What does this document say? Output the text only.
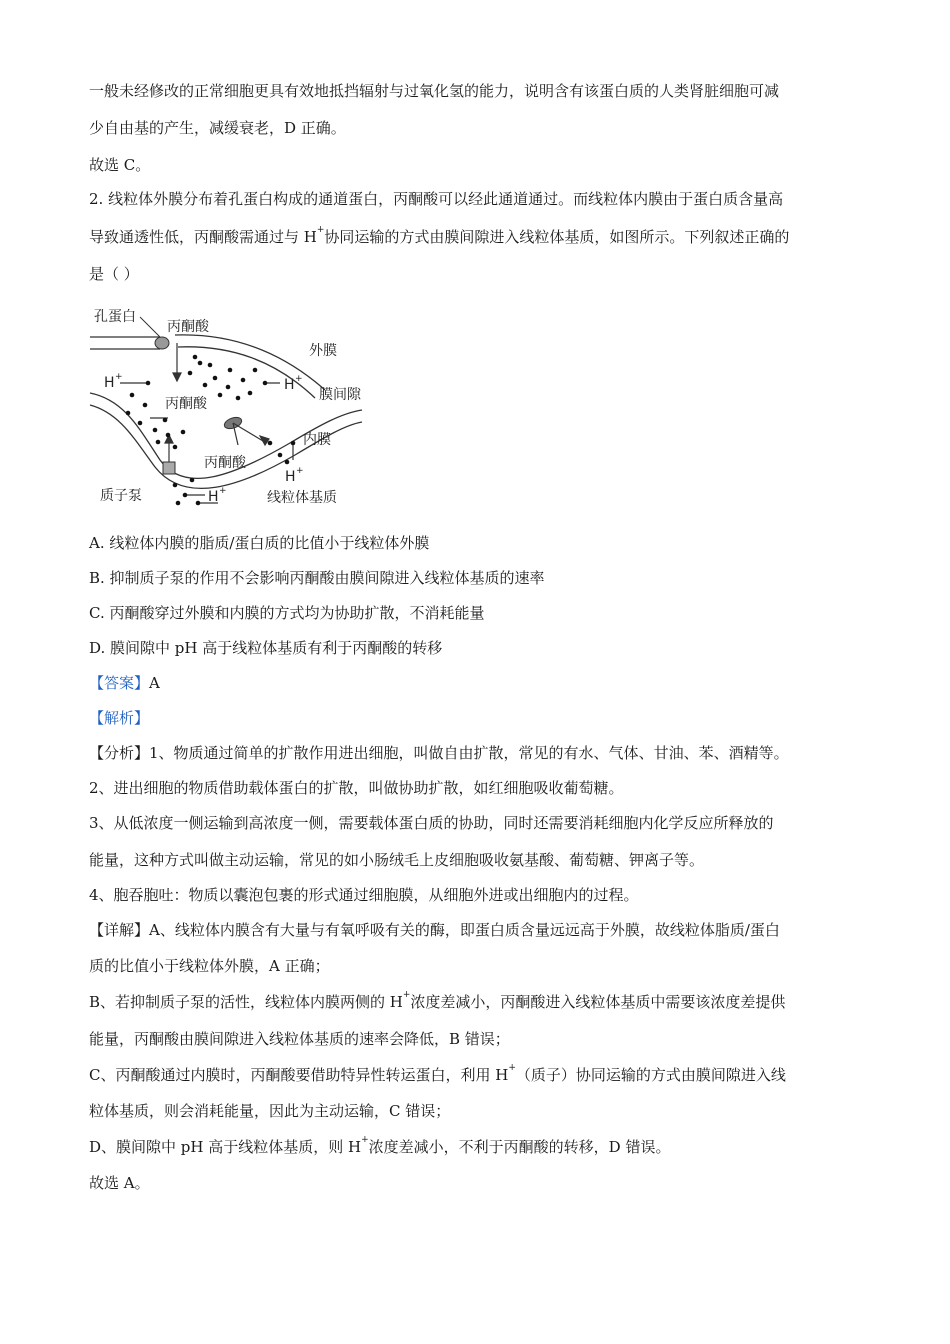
一般未经修改的正常细胞更具有效地抵挡辐射与过氧化氢的能力，说明含有该蛋白质的人类肾脏细胞可减
少自由基的产生，减缓衰老，D 正确。
故选 C。
2. 线粒体外膜分布着孔蛋白构成的通道蛋白，丙酮酸可以经此通道通过。而线粒体内膜由于蛋白质含量高
导致通透性低，丙酮酸需通过与 H+协同运输的方式由膜间隙进入线粒体基质，如图所示。下列叙述正确的
是（ ）
孔蛋白
丙酮酸
外膜
膜间隙
丙酮酸
内膜
丙酮酸
质子泵	线粒体基质
H +	H +
H +
H +
A. 线粒体内膜的脂质/蛋白质的比值小于线粒体外膜
B. 抑制质子泵的作用不会影响丙酮酸由膜间隙进入线粒体基质的速率
C. 丙酮酸穿过外膜和内膜的方式均为协助扩散，不消耗能量
D. 膜间隙中 pH 高于线粒体基质有利于丙酮酸的转移
【答案】A
【解析】
【分析】1、物质通过简单的扩散作用进出细胞，叫做自由扩散，常见的有水、气体、甘油、苯、酒精等。
2、进出细胞的物质借助载体蛋白的扩散，叫做协助扩散，如红细胞吸收葡萄糖。
3、从低浓度一侧运输到高浓度一侧，需要载体蛋白质的协助，同时还需要消耗细胞内化学反应所释放的
能量，这种方式叫做主动运输，常见的如小肠绒毛上皮细胞吸收氨基酸、葡萄糖、钾离子等。
4、胞吞胞吐：物质以囊泡包裹的形式通过细胞膜，从细胞外进或出细胞内的过程。
【详解】A、线粒体内膜含有大量与有氧呼吸有关的酶，即蛋白质含量远远高于外膜，故线粒体脂质/蛋白
质的比值小于线粒体外膜，A 正确；
B、若抑制质子泵的活性，线粒体内膜两侧的 H+浓度差减小，丙酮酸进入线粒体基质中需要该浓度差提供
能量，丙酮酸由膜间隙进入线粒体基质的速率会降低，B 错误；
C、丙酮酸通过内膜时，丙酮酸要借助特异性转运蛋白，利用 H+（质子）协同运输的方式由膜间隙进入线
粒体基质，则会消耗能量，因此为主动运输，C 错误；
D、膜间隙中 pH 高于线粒体基质，则 H+浓度差减小，不利于丙酮酸的转移，D 错误。
故选 A。
